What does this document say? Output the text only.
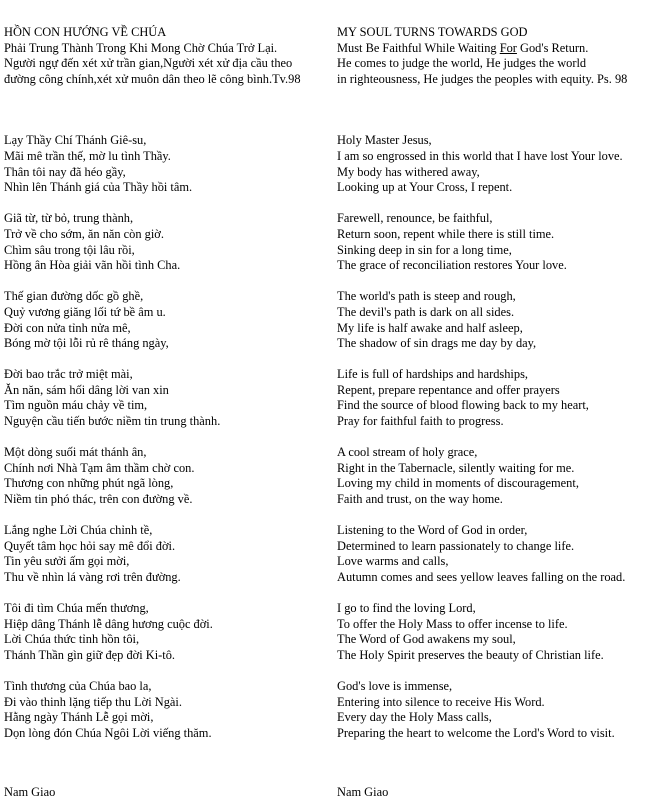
HỒN CON HƯỚNG VỀ CHÚA
Phải Trung Thành Trong Khi Mong Chờ Chúa Trở Lại.
Người ngự đến xét xử trần gian,Người xét xử địa cầu theo đường công chính,xét xử muôn dân theo lẽ công bình.Tv.98
Lạy Thầy Chí Thánh Giê-su,
Mãi mê trần thế, mờ lu tình Thầy.
Thân tôi nay đã héo gầy,
Nhìn lên Thánh giá của Thầy hồi tâm.
Giã từ, từ bỏ, trung thành,
Trở về cho sớm, ăn năn còn giờ.
Chìm sâu trong tội lâu rồi,
Hồng ân Hòa giải vãn hồi tình Cha.
Thế gian đường dốc gồ ghề,
Quỷ vương giăng lối tứ bề âm u.
Đời con nửa tỉnh nửa mê,
Bóng mờ tội lỗi rủ rê tháng ngày,
Đời bao trắc trở miệt mài,
Ăn năn, sám hối dâng lời van xin
Tìm nguồn máu chảy về tim,
Nguyện cầu tiến bước niềm tin trung thành.
Một dòng suối mát thánh ân,
Chính nơi Nhà Tạm âm thầm chờ con.
Thương con những phút ngã lòng,
Niềm tin phó thác, trên con đường về.
Lắng nghe Lời Chúa chỉnh tề,
Quyết tâm học hỏi say mê đổi đời.
Tin yêu sưởi ấm gọi mời,
Thu về nhìn lá vàng rơi trên đường.
Tôi đi tìm Chúa mến thương,
Hiệp dâng Thánh lễ dâng hương cuộc đời.
Lời Chúa thức tỉnh hồn tôi,
Thánh Thần gìn giữ đẹp đời Ki-tô.
Tình thương của Chúa bao la,
Đi vào thinh lặng tiếp thu Lời Ngài.
Hằng ngày Thánh Lễ gọi mời,
Dọn lòng đón Chúa Ngôi Lời viếng thăm.
MY SOUL TURNS TOWARDS GOD
Must Be Faithful While Waiting For God's Return.
He comes to judge the world, He judges the world
in righteousness, He judges the peoples with equity. Ps. 98
Holy Master Jesus,
I am so engrossed in this world that I have lost Your love.
My body has withered away,
Looking up at Your Cross, I repent.
Farewell, renounce, be faithful,
Return soon, repent while there is still time.
Sinking deep in sin for a long time,
The grace of reconciliation restores Your love.
The world's path is steep and rough,
The devil's path is dark on all sides.
My life is half awake and half asleep,
The shadow of sin drags me day by day,
Life is full of hardships and hardships,
Repent, prepare repentance and offer prayers
Find the source of blood flowing back to my heart,
Pray for faithful faith to progress.
A cool stream of holy grace,
Right in the Tabernacle, silently waiting for me.
Loving my child in moments of discouragement,
Faith and trust, on the way home.
Listening to the Word of God in order,
Determined to learn passionately to change life.
Love warms and calls,
Autumn comes and sees yellow leaves falling on the road.
I go to find the loving Lord,
To offer the Holy Mass to offer incense to life.
The Word of God awakens my soul,
The Holy Spirit preserves the beauty of Christian life.
God's love is immense,
Entering into silence to receive His Word.
Every day the Holy Mass calls,
Preparing the heart to welcome the Lord's Word to visit.
Nam Giao	Nam Giao
